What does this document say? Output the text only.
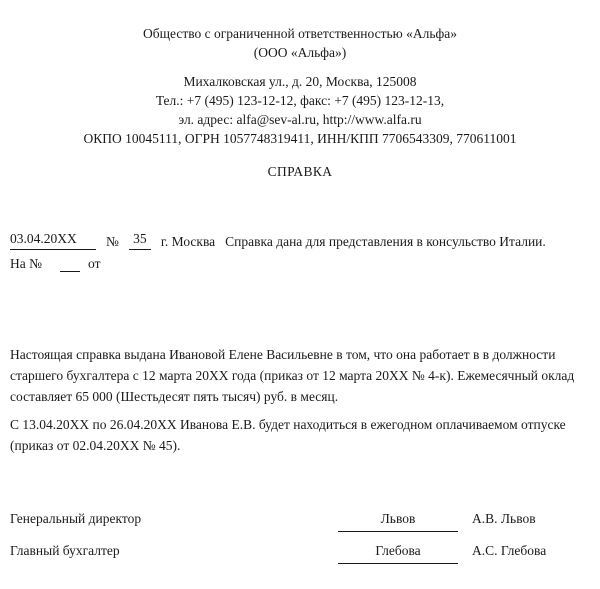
Общество с ограниченной ответственностью «Альфа»
(ООО «Альфа»)
Михалковская ул., д. 20, Москва, 125008
Тел.: +7 (495) 123-12-12, факс: +7 (495) 123-12-13,
эл. адрес: alfa@sev-al.ru, http://www.alfa.ru
ОКПО 10045111, ОГРН 1057748319411, ИНН/КПП 7706543309, 770611001
СПРАВКА
03.04.20XX	№	35	г. Москва Справка дана для представления в консульство Италии.
На №	от
Настоящая справка выдана Ивановой Елене Васильевне в том, что она работает в в должности старшего бухгалтера с 12 марта 20ХХ года (приказ от 12 марта 20ХХ № 4-к). Ежемесячный оклад составляет 65 000 (Шестьдесят пять тысяч) руб. в месяц.
С 13.04.20ХХ по 26.04.20ХХ Иванова Е.В. будет находиться в ежегодном оплачиваемом отпуске (приказ от 02.04.20ХХ № 45).
Генеральный директор	Львов	А.В. Львов
Главный бухгалтер	Глебова	А.С. Глебова
